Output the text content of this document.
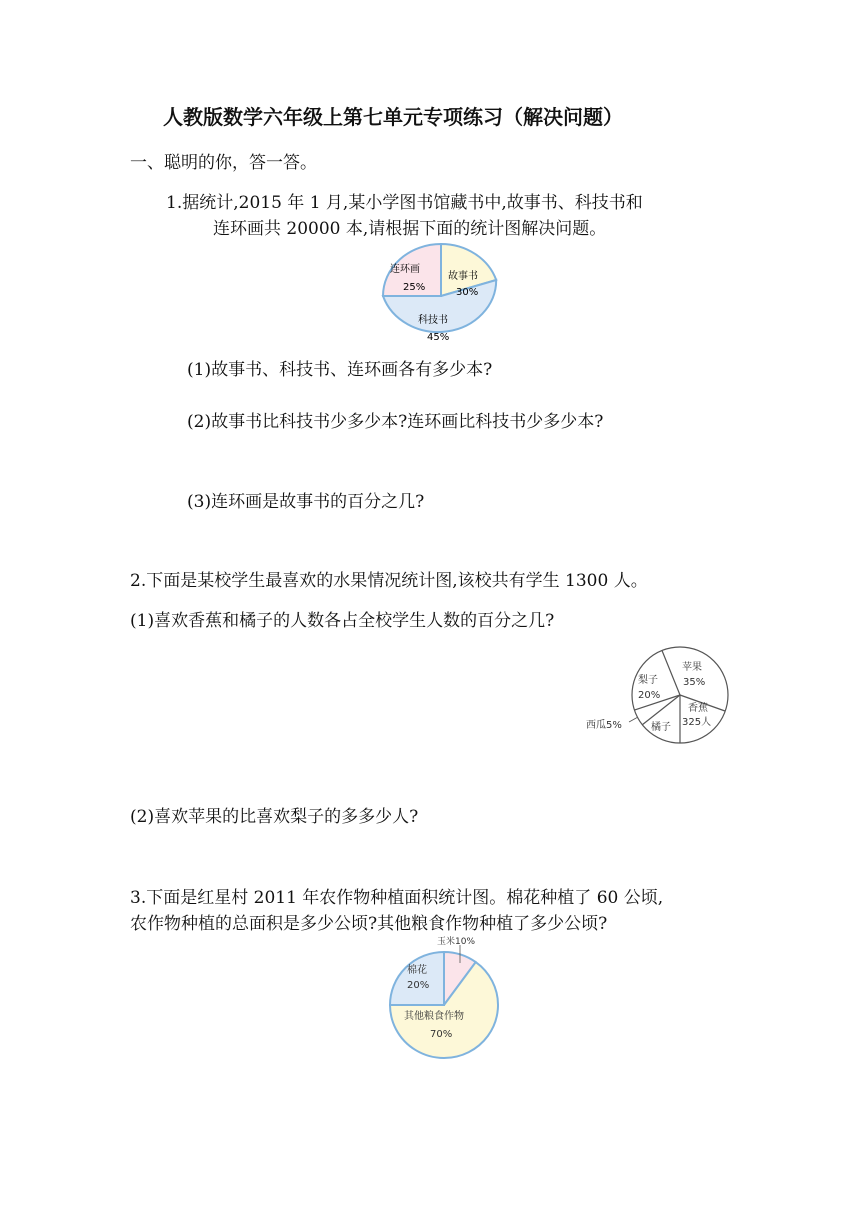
人教版数学六年级上第七单元专项练习（解决问题）
一、聪明的你，答一答。
1.据统计,2015 年 1 月,某小学图书馆藏书中,故事书、科技书和
连环画共 20000 本,请根据下面的统计图解决问题。
连环画
25%
故事书
30%
科技书
45%
(1)故事书、科技书、连环画各有多少本?
(2)故事书比科技书少多少本?连环画比科技书少多少本?
(3)连环画是故事书的百分之几?
2.下面是某校学生最喜欢的水果情况统计图,该校共有学生 1300 人。
(1)喜欢香蕉和橘子的人数各占全校学生人数的百分之几?
苹果
35%
香蕉
325人
橘子
梨子
20%
西瓜5%
(2)喜欢苹果的比喜欢梨子的多多少人?
3.下面是红星村 2011 年农作物种植面积统计图。棉花种植了 60 公顷,
农作物种植的总面积是多少公顷?其他粮食作物种植了多少公顷?
玉米10%
棉花
20%
其他粮食作物
70%
